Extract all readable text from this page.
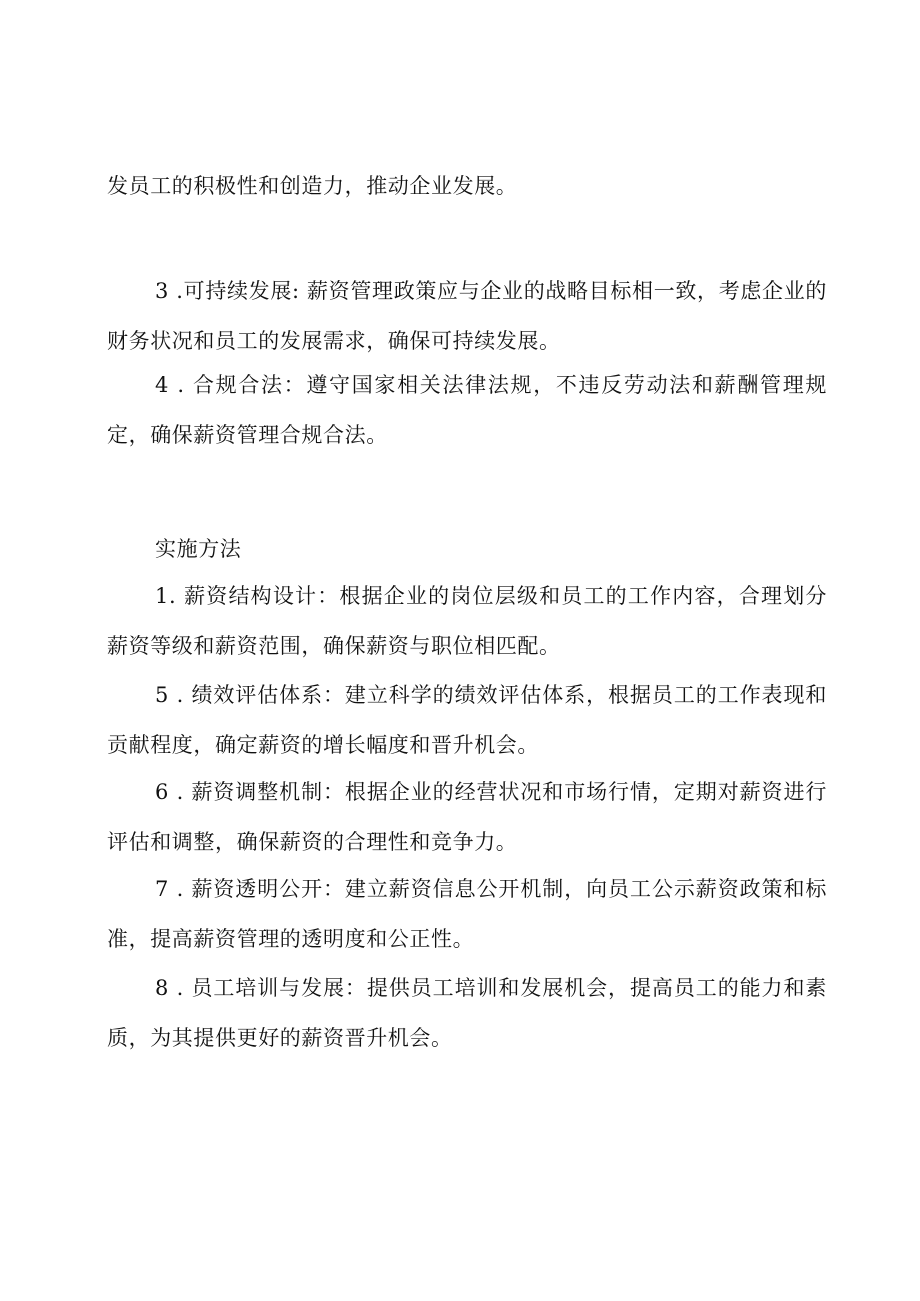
发员工的积极性和创造力，推动企业发展。

3 .可持续发展: 薪资管理政策应与企业的战略目标相一致，考虑企业的财务状况和员工的发展需求，确保可持续发展。

4 . 合规合法：遵守国家相关法律法规，不违反劳动法和薪酬管理规定，确保薪资管理合规合法。

实施方法

1. 薪资结构设计：根据企业的岗位层级和员工的工作内容，合理划分薪资等级和薪资范围，确保薪资与职位相匹配。

5 . 绩效评估体系：建立科学的绩效评估体系，根据员工的工作表现和贡献程度，确定薪资的增长幅度和晋升机会。

6 . 薪资调整机制：根据企业的经营状况和市场行情，定期对薪资进行评估和调整，确保薪资的合理性和竞争力。

7 . 薪资透明公开：建立薪资信息公开机制，向员工公示薪资政策和标准，提高薪资管理的透明度和公正性。

8 . 员工培训与发展：提供员工培训和发展机会，提高员工的能力和素质，为其提供更好的薪资晋升机会。
